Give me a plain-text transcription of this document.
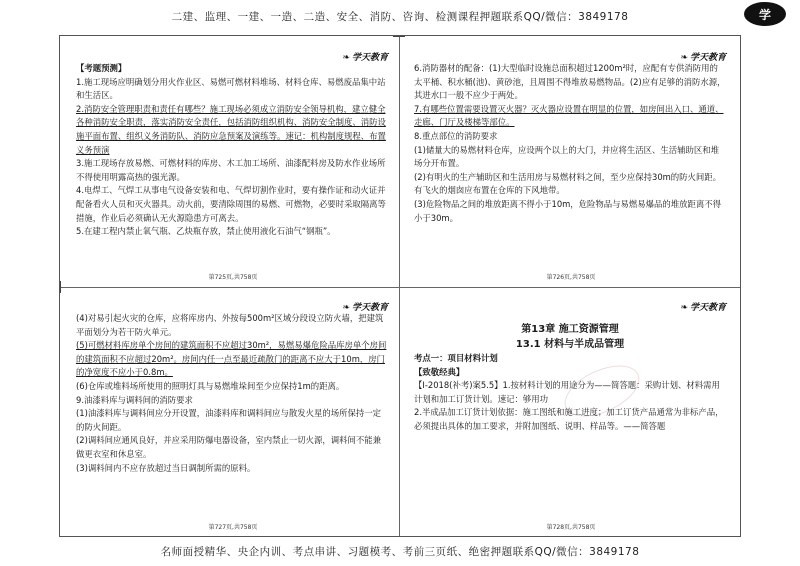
二建、监理、一建、一造、二造、安全、消防、咨询、检测课程押题联系QQ/微信：3849178	学
❧ 学天教育

【考题预测】

1.施工现场应明确划分用火作业区、易燃可燃材料堆场、材料仓库、易燃废品集中站和生活区。

2.消防安全管理职责和责任有哪些？施工现场必须成立消防安全领导机构，建立健全各种消防安全职责，落实消防安全责任，包括消防组织机构、消防安全制度、消防设施平面布置、组织义务消防队、消防应急预案及演练等。速记：机构制度规程、布置义务预演

3.施工现场存放易燃、可燃材料的库房、木工加工场所、油漆配料房及防水作业场所不得使用明露高热的强光源。

4.电焊工、气焊工从事电气设备安装和电、气焊切割作业时，要有操作证和动火证并配备看火人员和灭火器具。动火前，要清除周围的易燃、可燃物，必要时采取隔离等措施，作业后必须确认无火源隐患方可离去。

5.在建工程内禁止氧气瓶、乙炔瓶存放，禁止使用液化石油气“钢瓶”。

第725页,共758页
❧ 学天教育

6.消防器材的配备：(1)大型临时设施总面积超过1200m²时，应配有专供消防用的太平桶、积水桶(池)、黄砂池，且周围不得堆放易燃物品。(2)应有足够的消防水源，其进水口一般不应少于两处。

7.有哪些位置需要设置灭火器？灭火器应设置在明显的位置，如房间出入口、通道、走廊、门厅及楼梯等部位。

8.重点部位的消防要求

(1)储量大的易燃材料仓库，应设两个以上的大门，并应将生活区、生活辅助区和堆场分开布置。

(2)有明火的生产辅助区和生活用房与易燃材料之间，至少应保持30m的防火间距。有飞火的烟囱应布置在仓库的下风地带。

(3)危险物品之间的堆放距离不得小于10m，危险物品与易燃易爆品的堆放距离不得小于30m。

第726页,共758页
❧ 学天教育

(4)对易引起火灾的仓库，应将库房内、外按每500m²区域分段设立防火墙，把建筑平面划分为若干防火单元。

(5)可燃材料库房单个房间的建筑面积不应超过30m²，易燃易爆危险品库房单个房间的建筑面积不应超过20m²。房间内任一点至最近疏散门的距离不应大于10m，房门的净宽度不应小于0.8m。

(6)仓库或堆料场所使用的照明灯具与易燃堆垛间至少应保持1m的距离。

9.油漆料库与调料间的消防要求

(1)油漆料库与调料间应分开设置，油漆料库和调料间应与散发火星的场所保持一定的防火间距。

(2)调料间应通风良好，并应采用防爆电器设备，室内禁止一切火源，调料间不能兼做更衣室和休息室。

(3)调料间内不应存放超过当日调制所需的原料。

第727页,共758页
❧ 学天教育

第13章 施工资源管理

13.1 材料与半成品管理

考点一：项目材料计划

【致敬经典】

【I-2018(补考)案5.5】1.按材料计划的用途分为——简答题：采购计划、材料需用计划和加工订货计划。速记：够用功

2.半成品加工订货计划依据：施工图纸和施工进度；加工订货产品通常为非标产品，必须提出具体的加工要求，并附加图纸、说明、样品等。——简答题

第728页,共758页
名师面授精华、央企内训、考点串讲、习题模考、考前三页纸、绝密押题联系QQ/微信：3849178
